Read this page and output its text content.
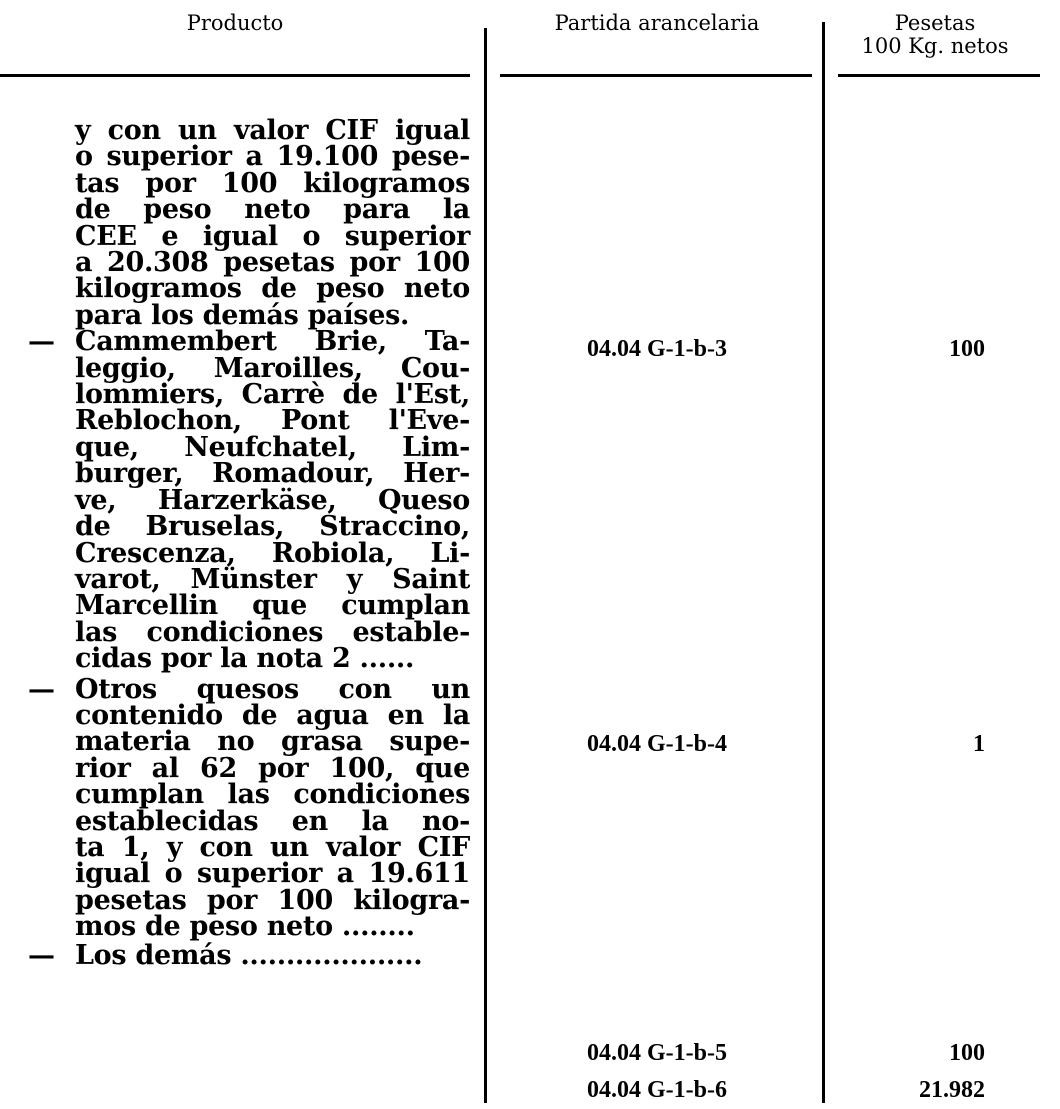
Producto	Partida arancelaria	Pesetas
100 Kg. netos
y con un valor CIF igual
o superior a 19.100 pese-
tas por 100 kilogramos
de peso neto para la
CEE e igual o superior
a 20.308 pesetas por 100
kilogramos de peso neto
para los demás países.
— Cammembert Brie, Ta-
leggio, Maroilles, Cou-
lommiers, Carrè de l'Est,
Reblochon, Pont l'Eve-
que, Neufchatel, Lim-
burger, Romadour, Her-
ve, Harzerkäse, Queso
de Bruselas, Straccino,
Crescenza, Robiola, Li-
varot, Münster y Saint
Marcellin que cumplan
las condiciones estable-
cidas por la nota 2 ......
— Otros quesos con un
contenido de agua en la
materia no grasa supe-
rior al 62 por 100, que
cumplan las condiciones
establecidas en la no-
ta 1, y con un valor CIF
igual o superior a 19.611
pesetas por 100 kilogra-
mos de peso neto ........
— Los demás ....................
04.04 G-1-b-3
04.04 G-1-b-4
04.04 G-1-b-5
04.04 G-1-b-6
100
1
100
21.982
